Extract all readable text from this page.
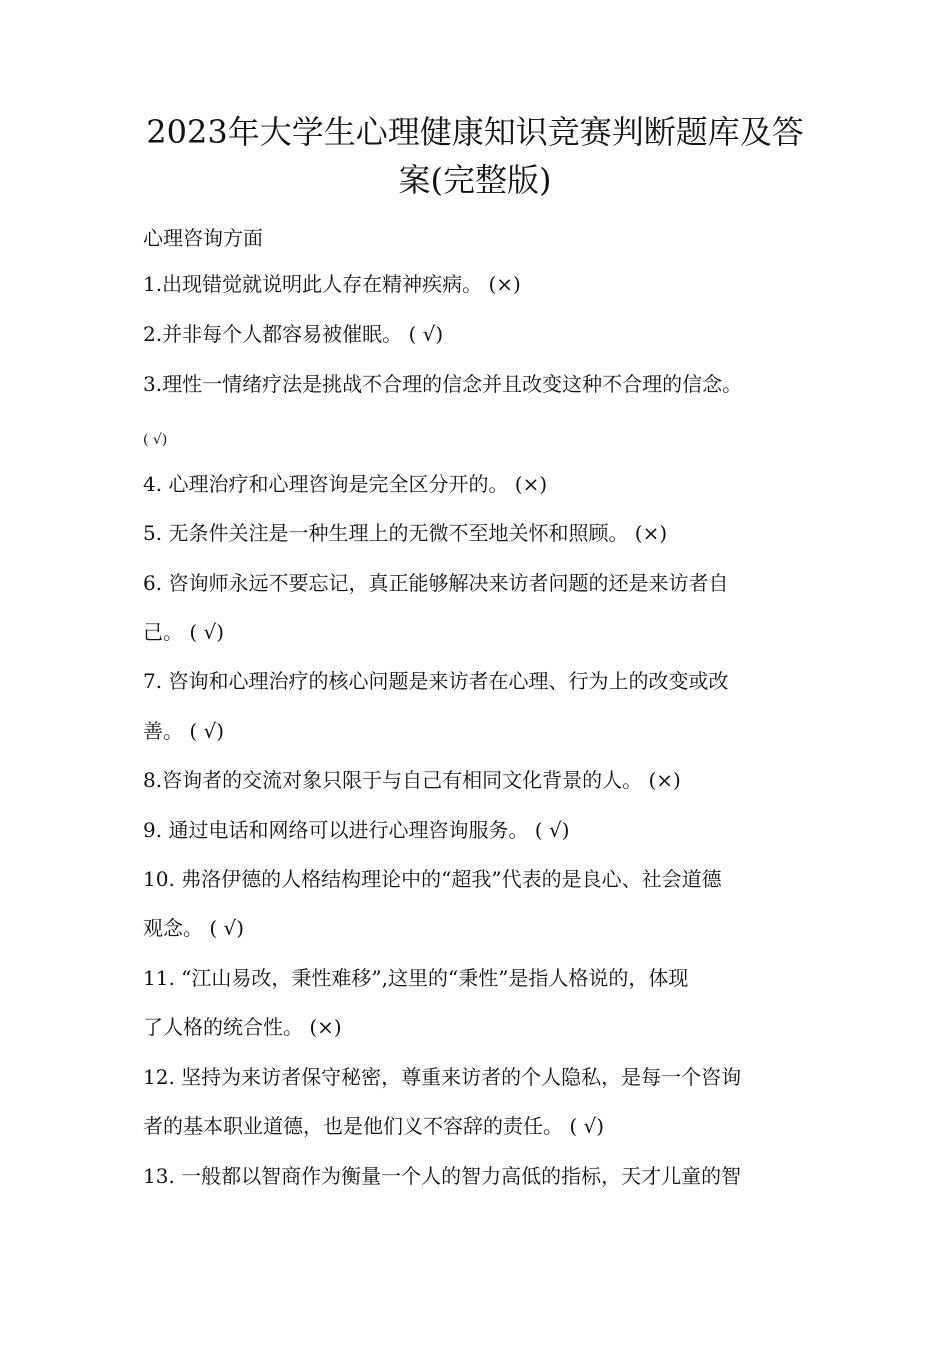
2023年大学生心理健康知识竞赛判断题库及答
案(完整版)
心理咨询方面
1.出现错觉就说明此人存在精神疾病。 (×)
2.并非每个人都容易被催眠。 ( √)
3.理性一情绪疗法是挑战不合理的信念并且改变这种不合理的信念。
( √)
4. 心理治疗和心理咨询是完全区分开的。 (×)
5. 无条件关注是一种生理上的无微不至地关怀和照顾。 (×)
6. 咨询师永远不要忘记，真正能够解决来访者问题的还是来访者自
己。 ( √)
7. 咨询和心理治疗的核心问题是来访者在心理、行为上的改变或改
善。 ( √)
8.咨询者的交流对象只限于与自己有相同文化背景的人。 (×)
9. 通过电话和网络可以进行心理咨询服务。 ( √)
10. 弗洛伊德的人格结构理论中的“超我”代表的是良心、社会道德
观念。 ( √)
11. “江山易改，秉性难移”,这里的“秉性”是指人格说的，体现
了人格的统合性。 (×)
12. 坚持为来访者保守秘密，尊重来访者的个人隐私，是每一个咨询
者的基本职业道德，也是他们义不容辞的责任。 ( √)
13. 一般都以智商作为衡量一个人的智力高低的指标，天才儿童的智
